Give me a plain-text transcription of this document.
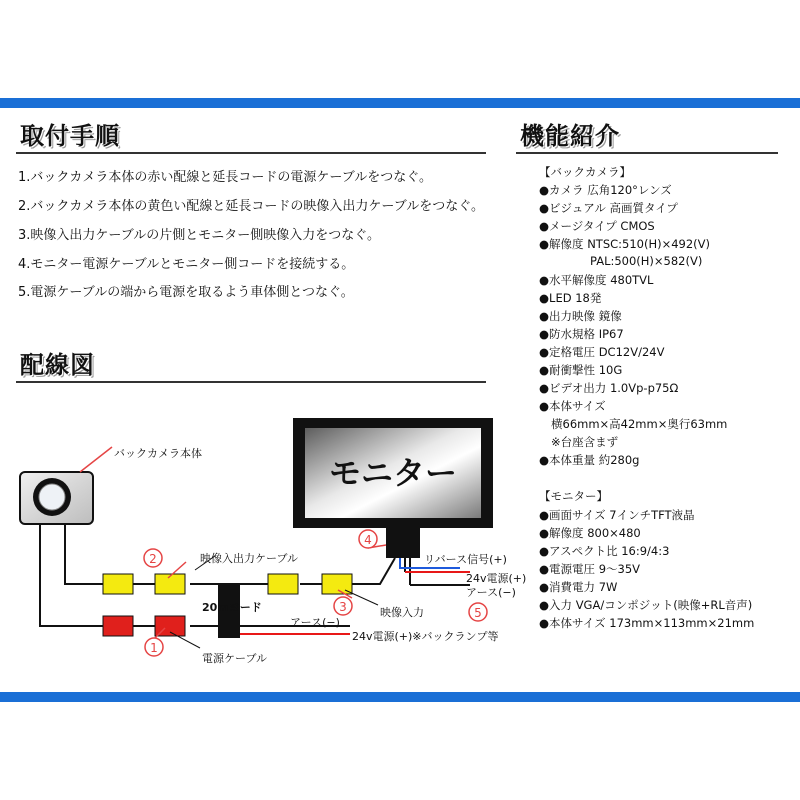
取付手順
1.バックカメラ本体の赤い配線と延長コードの電源ケーブルをつなぐ。
2.バックカメラ本体の黄色い配線と延長コードの映像入出力ケーブルをつなぐ。
3.映像入出力ケーブルの片側とモニター側映像入力をつなぐ。
4.モニター電源ケーブルとモニター側コードを接続する。
5.電源ケーブルの端から電源を取るよう車体側とつなぐ。
配線図
機能紹介
【バックカメラ】
●カメラ 広角120°レンズ
●ビジュアル 高画質タイプ
●メージタイプ CMOS
●解像度 NTSC:510(H)×492(V)
PAL:500(H)×582(V)
●水平解像度 480TVL
●LED 18発
●出力映像 鏡像
●防水規格 IP67
●定格電圧 DC12V/24V
●耐衝撃性 10G
●ビデオ出力 1.0Vp-p75Ω
●本体サイズ
横66mm×高42mm×奥行63mm
※台座含まず
●本体重量 約280g
【モニター】
●画面サイズ 7インチTFT液晶
●解像度 800×480
●アスペクト比 16:9/4:3
●電源電圧 9〜35V
●消費電力 7W
●入力 VGA/コンポジット(映像+RL音声)
●本体サイズ 173mm×113mm×21mm
モニター
1
2
3
4
5
バックカメラ本体
映像入出力ケーブル
20mヨード	映像入力
リバース信号(+)
24v電源(+)
アース(−)
アース(−)
24v電源(+)※バックランプ等
電源ケーブル
